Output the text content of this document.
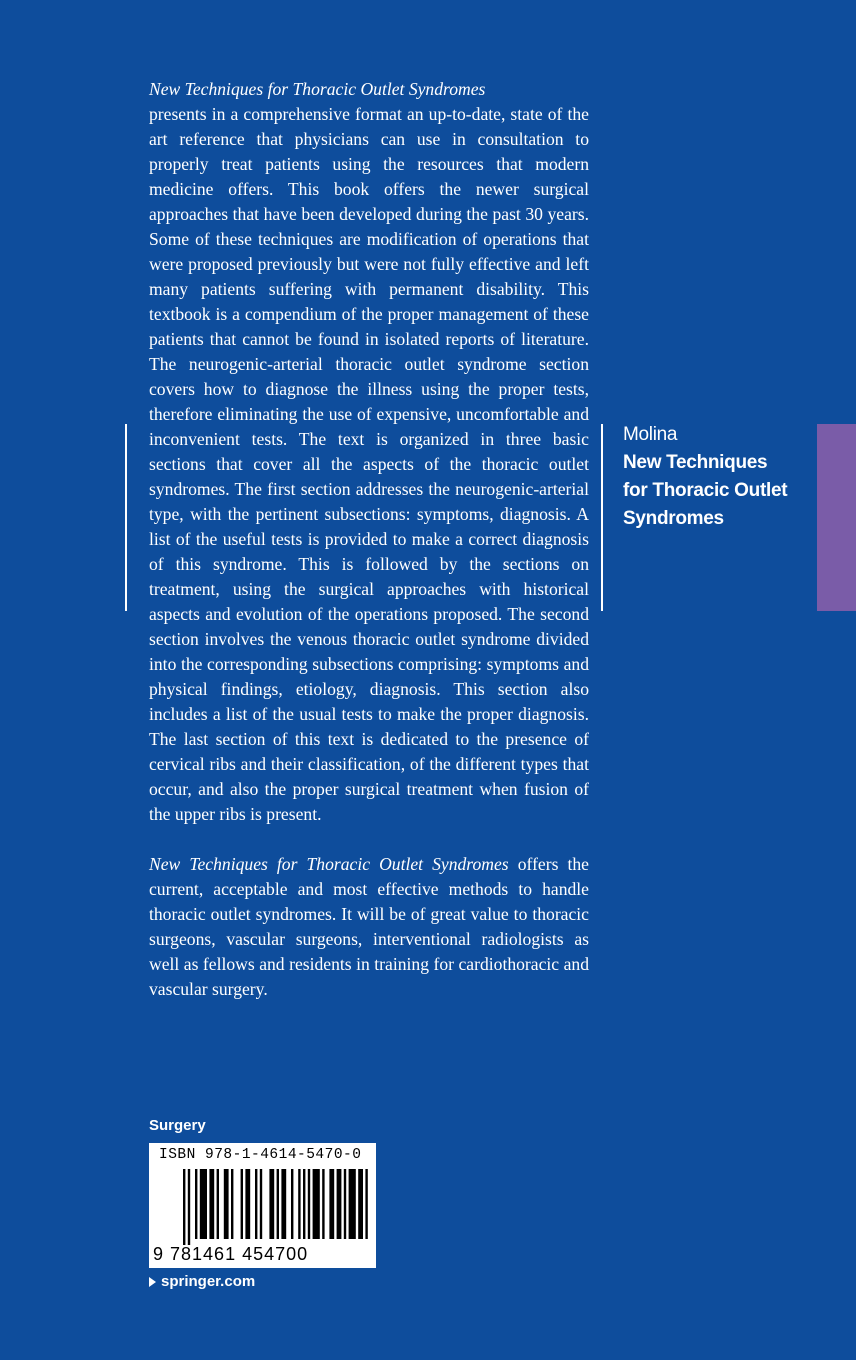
New Techniques for Thoracic Outlet Syndromes
presents in a comprehensive format an up-to-date, state of the art reference that physicians can use in consultation to properly treat patients using the resources that modern medicine offers. This book offers the newer surgical approaches that have been developed during the past 30 years. Some of these techniques are modification of operations that were proposed previously but were not fully effective and left many patients suffering with permanent disability. This textbook is a compendium of the proper management of these patients that cannot be found in isolated reports of literature. The neurogenic-arterial thoracic outlet syndrome section covers how to diagnose the illness using the proper tests, therefore eliminating the use of expensive, uncomfortable and inconvenient tests. The text is organized in three basic sections that cover all the aspects of the thoracic outlet syndromes. The first section addresses the neurogenic-arterial type, with the pertinent subsections: symptoms, diagnosis. A list of the useful tests is provided to make a correct diagnosis of this syndrome. This is followed by the sections on treatment, using the surgical approaches with historical aspects and evolution of the operations proposed. The second section involves the venous thoracic outlet syndrome divided into the corresponding subsections comprising: symptoms and physical findings, etiology, diagnosis. This section also includes a list of the usual tests to make the proper diagnosis. The last section of this text is dedicated to the presence of cervical ribs and their classification, of the different types that occur, and also the proper surgical treatment when fusion of the upper ribs is present.

New Techniques for Thoracic Outlet Syndromes offers the current, acceptable and most effective methods to handle thoracic outlet syndromes. It will be of great value to thoracic surgeons, vascular surgeons, interventional radiologists as well as fellows and residents in training for cardiothoracic and vascular surgery.

Molina
New Techniques
for Thoracic Outlet
Syndromes
Surgery
ISBN 978-1-4614-5470-0
9 781461 454700
springer.com
